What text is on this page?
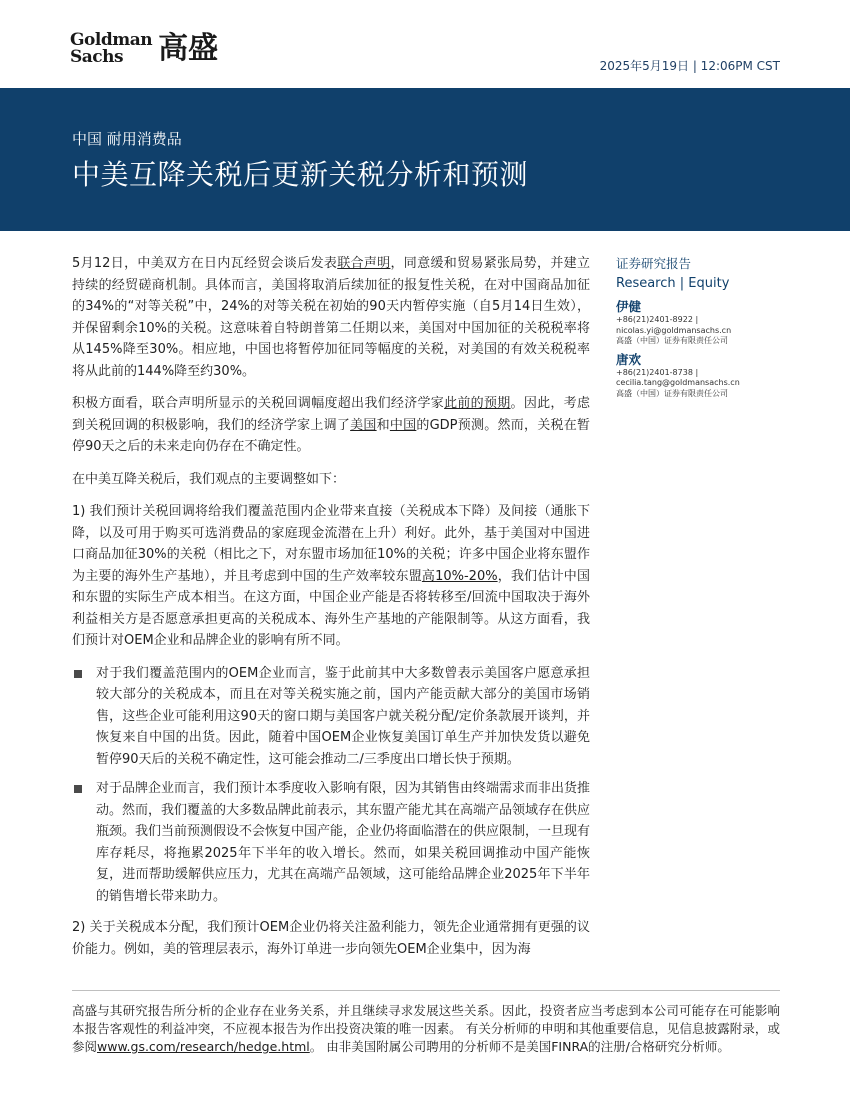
Goldman
Sachs	高盛	2025年5月19日 | 12:06PM CST
中国 耐用消费品
中美互降关税后更新关税分析和预测

5月12日，中美双方在日内瓦经贸会谈后发表联合声明，同意缓和贸易紧张局势，并建立持续的经贸磋商机制。具体而言，美国将取消后续加征的报复性关税，在对中国商品加征的34%的“对等关税”中，24%的对等关税在初始的90天内暂停实施（自5月14日生效），并保留剩余10%的关税。这意味着自特朗普第二任期以来，美国对中国加征的关税税率将从145%降至30%。相应地，中国也将暂停加征同等幅度的关税，对美国的有效关税税率将从此前的144%降至约30%。

积极方面看，联合声明所显示的关税回调幅度超出我们经济学家此前的预期。因此，考虑到关税回调的积极影响，我们的经济学家上调了美国和中国的GDP预测。然而，关税在暂停90天之后的未来走向仍存在不确定性。

在中美互降关税后，我们观点的主要调整如下：

1) 我们预计关税回调将给我们覆盖范围内企业带来直接（关税成本下降）及间接（通胀下降，以及可用于购买可选消费品的家庭现金流潜在上升）利好。此外，基于美国对中国进口商品加征30%的关税（相比之下，对东盟市场加征10%的关税；许多中国企业将东盟作为主要的海外生产基地），并且考虑到中国的生产效率较东盟高10%-20%，我们估计中国和东盟的实际生产成本相当。在这方面，中国企业产能是否将转移至/回流中国取决于海外利益相关方是否愿意承担更高的关税成本、海外生产基地的产能限制等。从这方面看，我们预计对OEM企业和品牌企业的影响有所不同。

对于我们覆盖范围内的OEM企业而言，鉴于此前其中大多数曾表示美国客户愿意承担较大部分的关税成本，而且在对等关税实施之前，国内产能贡献大部分的美国市场销售，这些企业可能利用这90天的窗口期与美国客户就关税分配/定价条款展开谈判，并恢复来自中国的出货。因此，随着中国OEM企业恢复美国订单生产并加快发货以避免暂停90天后的关税不确定性，这可能会推动二/三季度出口增长快于预期。
对于品牌企业而言，我们预计本季度收入影响有限，因为其销售由终端需求而非出货推动。然而，我们覆盖的大多数品牌此前表示，其东盟产能尤其在高端产品领域存在供应瓶颈。我们当前预测假设不会恢复中国产能，企业仍将面临潜在的供应限制，一旦现有库存耗尽，将拖累2025年下半年的收入增长。然而，如果关税回调推动中国产能恢复，进而帮助缓解供应压力，尤其在高端产品领域，这可能给品牌企业2025年下半年的销售增长带来助力。

2) 关于关税成本分配，我们预计OEM企业仍将关注盈利能力，领先企业通常拥有更强的议价能力。例如，美的管理层表示，海外订单进一步向领先OEM企业集中，因为海

证券研究报告
Research | Equity
伊健
+86(21)2401-8922 |
nicolas.yi@goldmansachs.cn
高盛（中国）证券有限责任公司
唐欢
+86(21)2401-8738 |
cecilia.tang@goldmansachs.cn
高盛（中国）证券有限责任公司
高盛与其研究报告所分析的企业存在业务关系，并且继续寻求发展这些关系。因此，投资者应当考虑到本公司可能存在可能影响本报告客观性的利益冲突，不应视本报告为作出投资决策的唯一因素。 有关分析师的申明和其他重要信息，见信息披露附录，或参阅www.gs.com/research/hedge.html。 由非美国附属公司聘用的分析师不是美国FINRA的注册/合格研究分析师。
